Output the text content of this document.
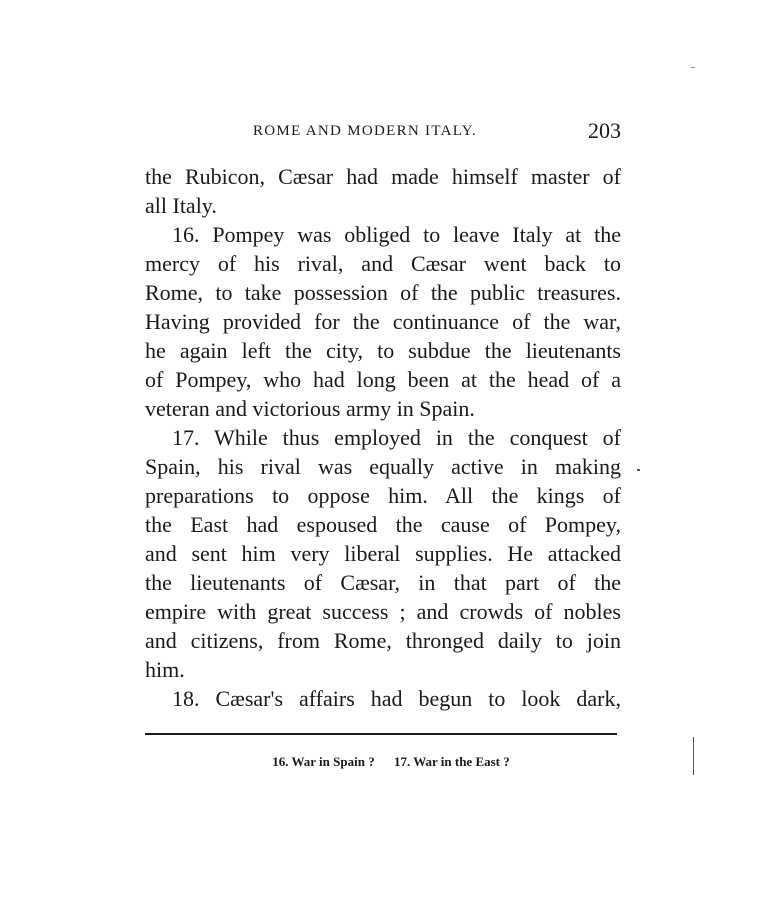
ROME AND MODERN ITALY.	203
the Rubicon, Cæsar had made himself master of
all Italy.
16. Pompey was obliged to leave Italy at the
mercy of his rival, and Cæsar went back to
Rome, to take possession of the public treasures.
Having provided for the continuance of the war,
he again left the city, to subdue the lieutenants
of Pompey, who had long been at the head of a
veteran and victorious army in Spain.
17. While thus employed in the conquest of
Spain, his rival was equally active in making
preparations to oppose him. All the kings of
the East had espoused the cause of Pompey,
and sent him very liberal supplies. He attacked
the lieutenants of Cæsar, in that part of the
empire with great success ; and crowds of nobles
and citizens, from Rome, thronged daily to join
him.
18. Cæsar's affairs had begun to look dark,
16. War in Spain ? 17. War in the East ?
